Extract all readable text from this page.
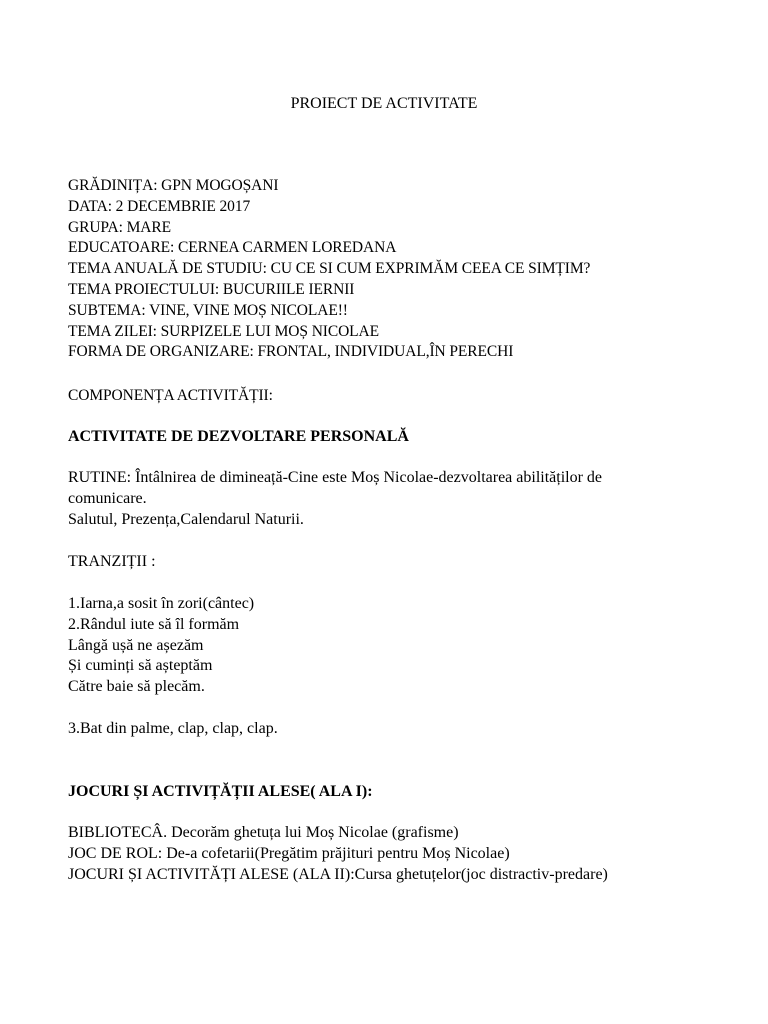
PROIECT DE ACTIVITATE
GRĂDINIȚA: GPN MOGOȘANI
DATA: 2 DECEMBRIE 2017
GRUPA: MARE
EDUCATOARE: CERNEA CARMEN LOREDANA
TEMA ANUALĂ DE STUDIU: CU CE SI CUM EXPRIMĂM CEEA CE SIMȚIM?
TEMA PROIECTULUI: BUCURIILE IERNII
SUBTEMA: VINE, VINE MOȘ NICOLAE!!
TEMA ZILEI: SURPIZELE LUI MOȘ NICOLAE
FORMA DE ORGANIZARE: FRONTAL, INDIVIDUAL,ÎN PERECHI
COMPONENȚA ACTIVITĂȚII:
ACTIVITATE DE DEZVOLTARE PERSONALĂ
RUTINE: Întâlnirea de dimineață-Cine este Moș Nicolae-dezvoltarea abilităților de
comunicare.
Salutul, Prezența,Calendarul Naturii.
TRANZIȚII :
1.Iarna,a sosit în zori(cântec)
2.Rândul iute să îl formăm
Lângă ușă ne așezăm
Și cuminți să așteptăm
Către baie să plecăm.
3.Bat din palme, clap, clap, clap.
JOCURI ȘI ACTIVIȚĂȚII ALESE( ALA I):
BIBLIOTECÂ. Decorăm ghetuța lui Moș Nicolae (grafisme)
JOC DE ROL: De-a cofetarii(Pregătim prăjituri pentru Moș Nicolae)
JOCURI ȘI ACTIVITĂȚI ALESE (ALA II):Cursa ghetuțelor(joc distractiv-predare)
